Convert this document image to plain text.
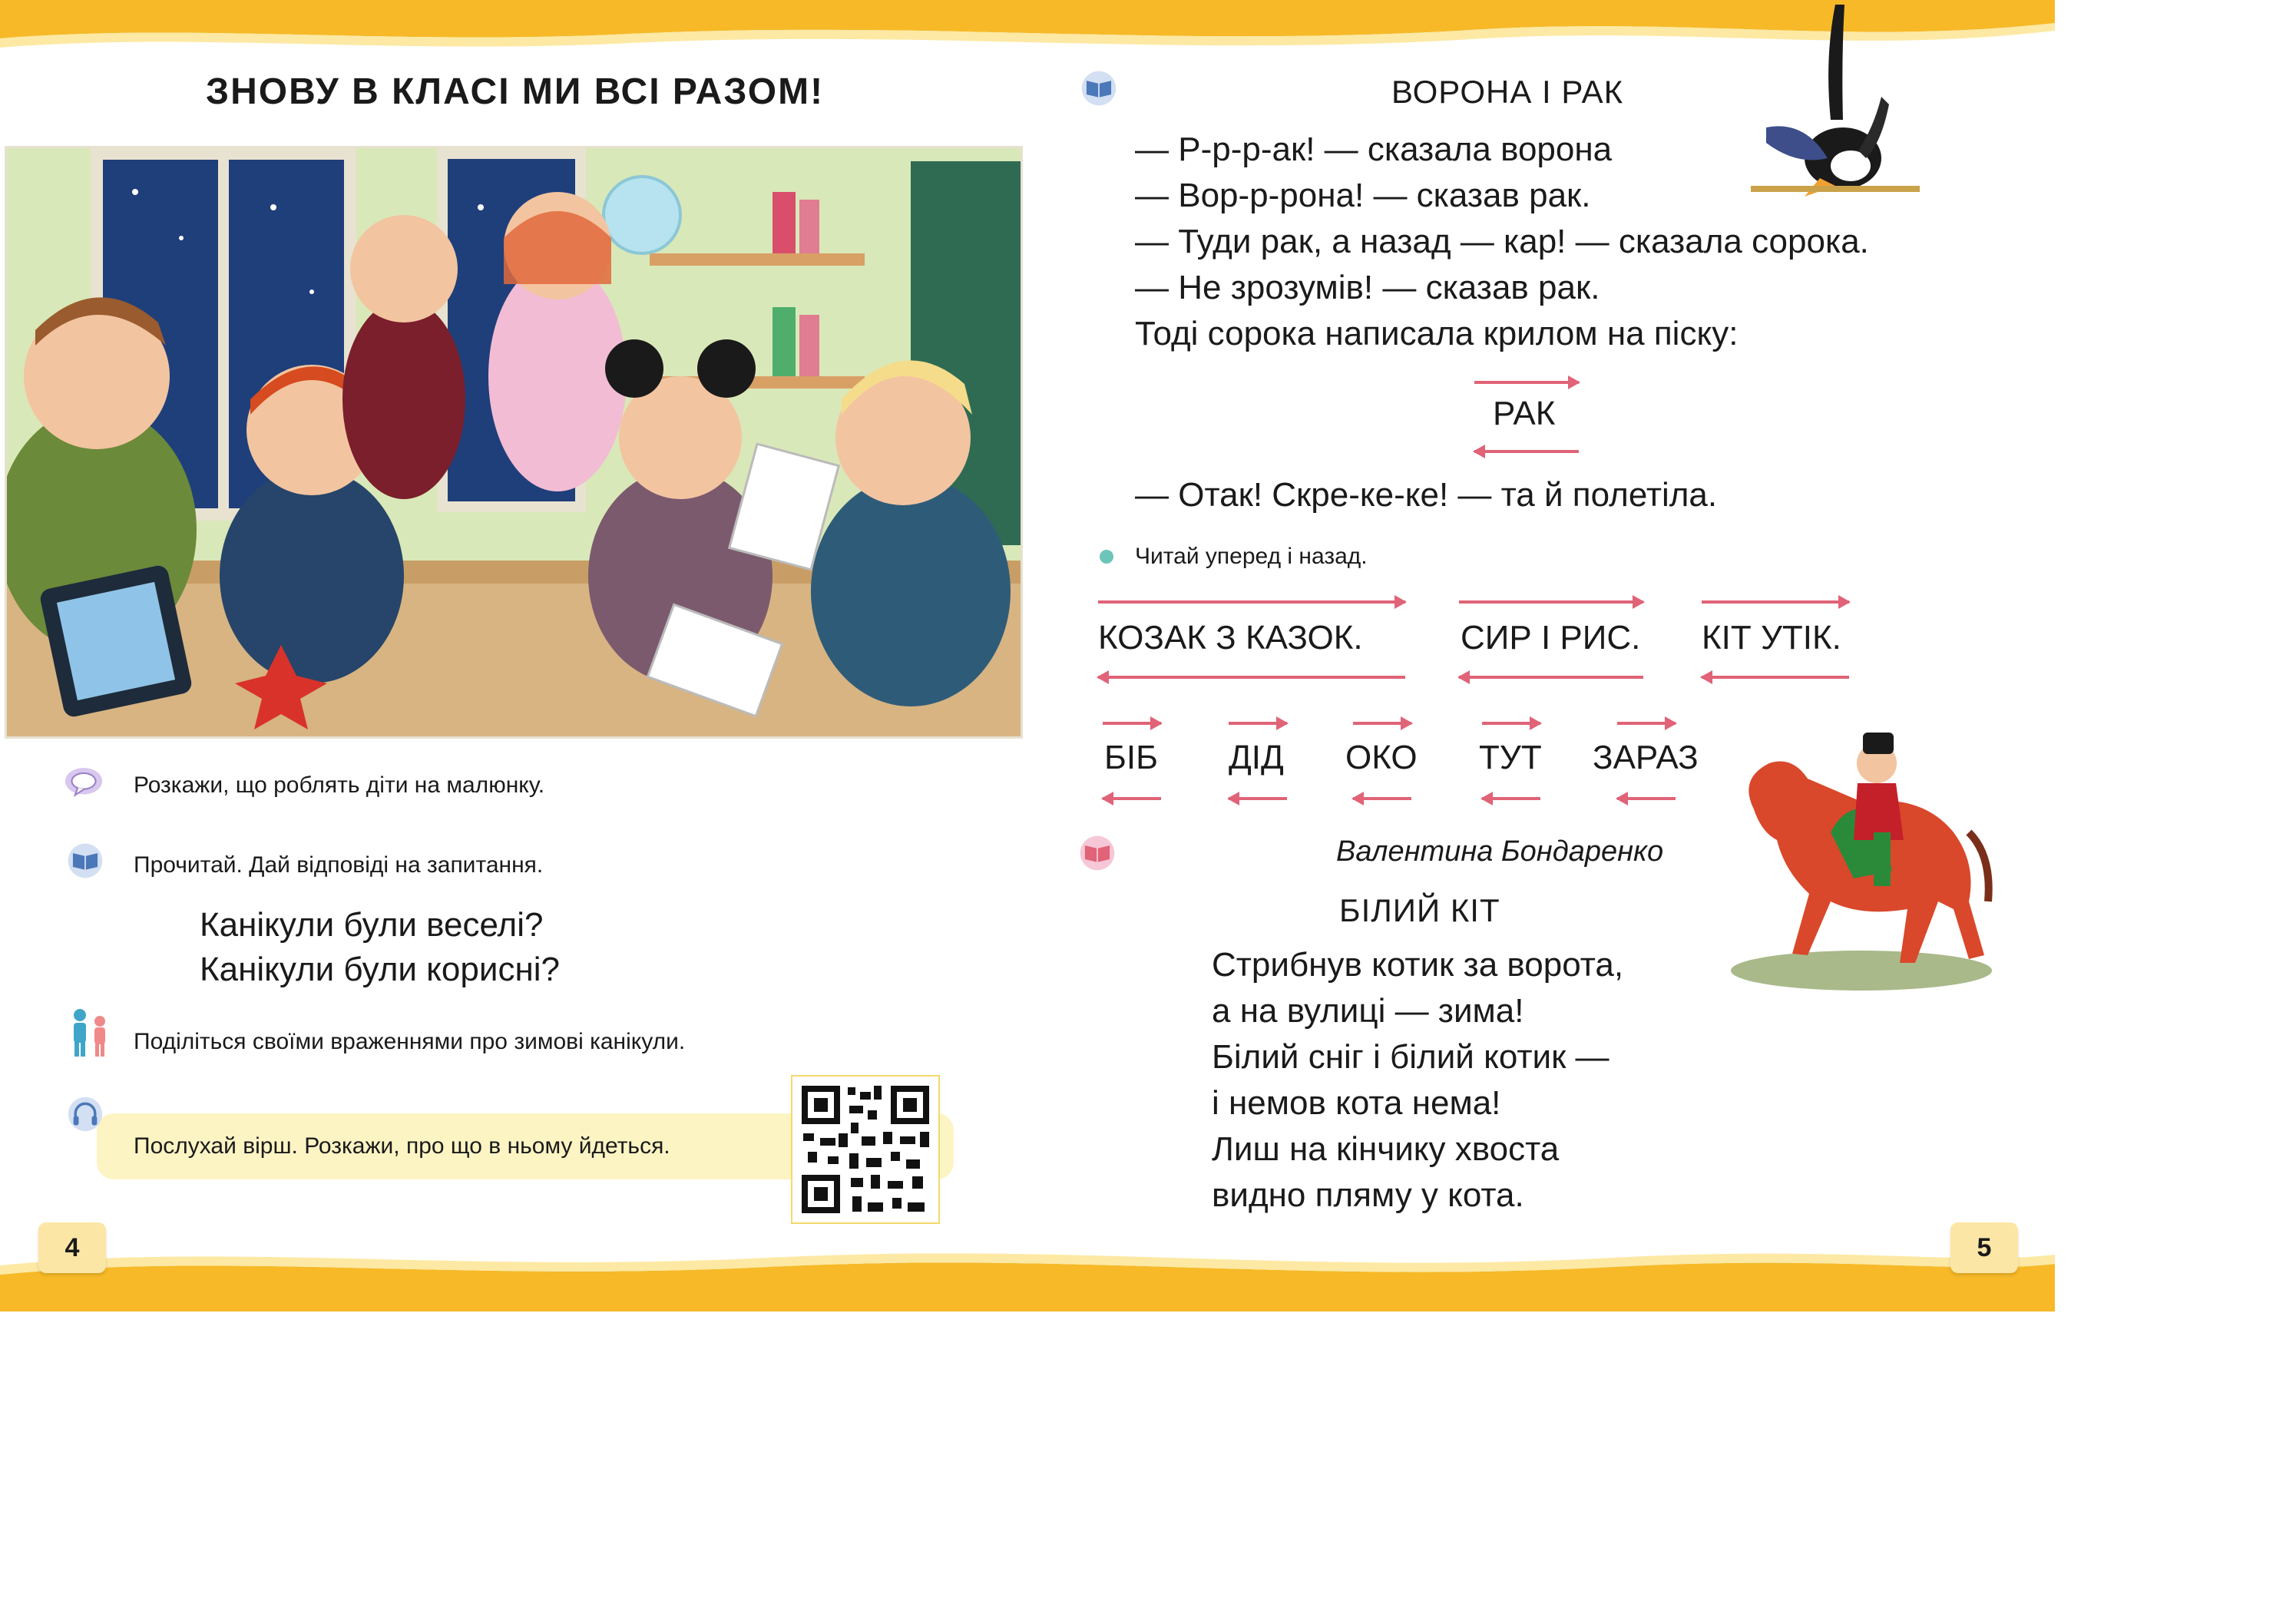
ЗНОВУ В КЛАСІ МИ ВСІ РАЗОМ!
Розкажи, що роблять діти на малюнку.
Прочитай. Дай відповіді на запитання.
Канікули були веселі?
Канікули були корисні?
Поділіться своїми враженнями про зимові канікули.
Послухай вірш. Розкажи, про що в ньому йдеться.
4
ВОРОНА І РАК
— Р-р-р-ак! — сказала ворона
— Вор-р-рона! — сказав рак.
— Туди рак, а назад — кар! — сказала сорока.
— Не зрозумів! — сказав рак.
Тоді сорока написала крилом на піску:
РАК
— Отак! Скре-ке-ке! — та й полетіла.
Читай уперед і назад.
КОЗАК З КАЗОК.	СИР І РИС. КІТ УТІК.
БІБ ДІД ОКО ТУТ ЗАРАЗ
Валентина Бондаренко
БІЛИЙ КІТ
Стрибнув котик за ворота,
а на вулиці — зима!
Білий сніг і білий котик —
і немов кота нема!
Лиш на кінчику хвоста
видно пляму у кота.
5
